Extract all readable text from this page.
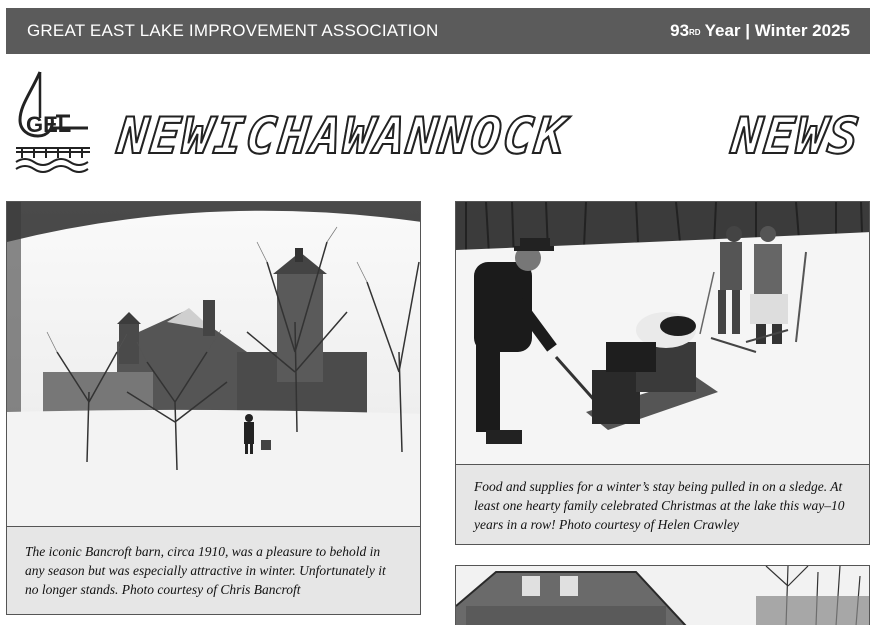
GREAT EAST LAKE IMPROVEMENT ASSOCIATION	93RD Year | Winter 2025
GEL N
E
W
I
C
H
A
W
A
N
N
O
C
K	N
E
W
S
The iconic Bancroft barn, circa 1910, was a pleasure to behold in any season but was especially attractive in winter. Unfortunately it no longer stands. Photo courtesy of Chris Bancroft
Food and supplies for a winter’s stay being pulled in on a sledge. At least one hearty family celebrated Christmas at the lake this way–10 years in a row! Photo courtesy of Helen Crawley
